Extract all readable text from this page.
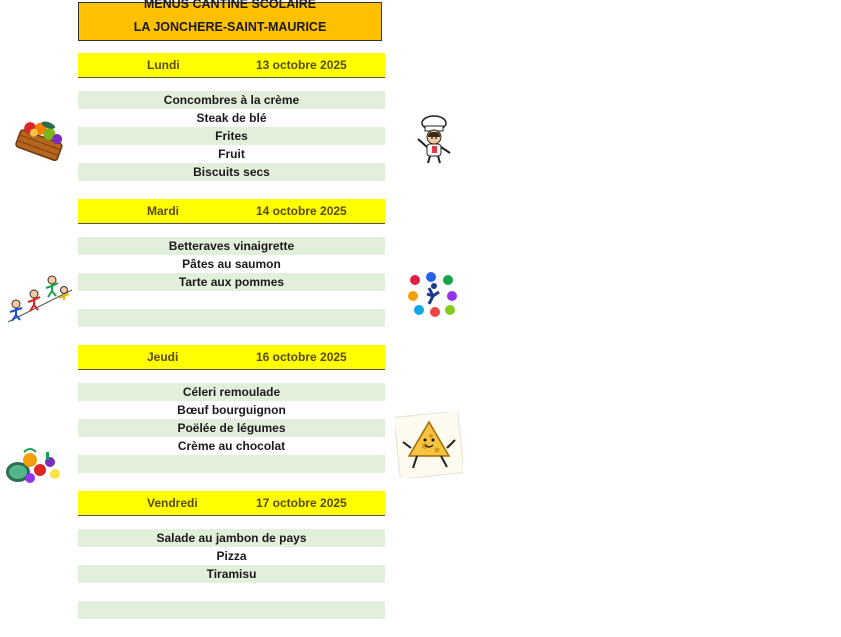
MENUS CANTINE SCOLAIRE
LA JONCHERE-SAINT-MAURICE
Lundi	13 octobre 2025
Concombres à la crème
Steak de blé
Frites
Fruit
Biscuits secs
Mardi	14 octobre 2025
Betteraves vinaigrette
Pâtes au saumon
Tarte aux pommes
Jeudi	16 octobre 2025
Céleri remoulade
Bœuf bourguignon
Poëlée de légumes
Crème au chocolat
Vendredi	17 octobre 2025
Salade au jambon de pays
Pizza
Tiramisu
